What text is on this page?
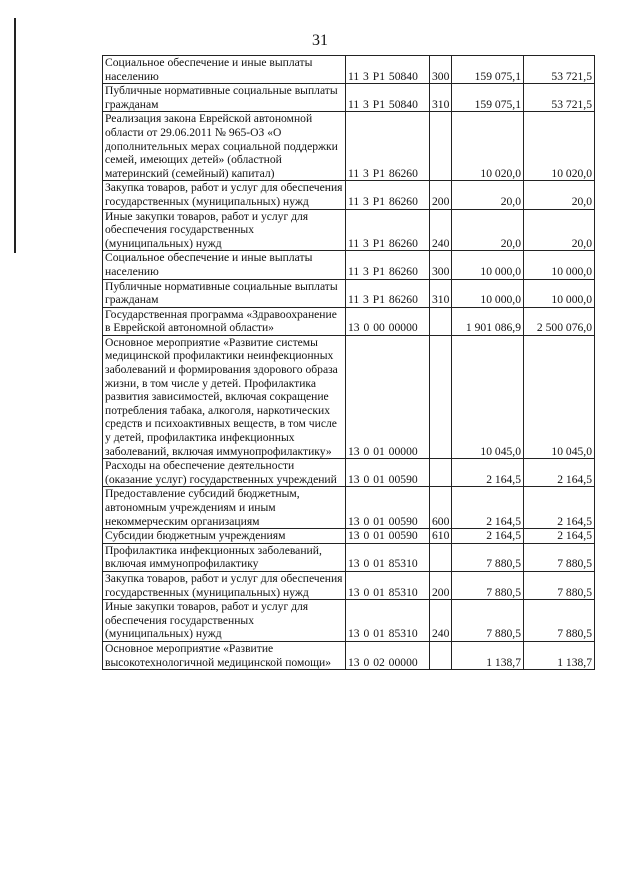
31
Социальное обеспечение и иные выплаты населению	11 3 Р1 50840	300	159 075,1	53 721,5
Публичные нормативные социальные выплаты гражданам	11 3 Р1 50840	310	159 075,1	53 721,5
Реализация закона Еврейской автономной области от 29.06.2011 № 965-ОЗ «О дополнительных мерах социальной поддержки семей, имеющих детей» (областной материнский (семейный) капитал)	11 3 Р1 86260		10 020,0	10 020,0
Закупка товаров, работ и услуг для обеспечения государственных (муниципальных) нужд	11 3 Р1 86260	200	20,0	20,0
Иные закупки товаров, работ и услуг для обеспечения государственных (муниципальных) нужд	11 3 Р1 86260	240	20,0	20,0
Социальное обеспечение и иные выплаты населению	11 3 Р1 86260	300	10 000,0	10 000,0
Публичные нормативные социальные выплаты гражданам	11 3 Р1 86260	310	10 000,0	10 000,0
Государственная программа «Здравоохранение в Еврейской автономной области»	13 0 00 00000		1 901 086,9	2 500 076,0
Основное мероприятие «Развитие системы медицинской профилактики неинфекционных заболеваний и формирования здорового образа жизни, в том числе у детей. Профилактика развития зависимостей, включая сокращение потребления табака, алкоголя, наркотических средств и психоактивных веществ, в том числе у детей, профилактика инфекционных заболеваний, включая иммунопрофилактику»	13 0 01 00000		10 045,0	10 045,0
Расходы на обеспечение деятельности (оказание услуг) государственных учреждений	13 0 01 00590		2 164,5	2 164,5
Предоставление субсидий бюджетным, автономным учреждениям и иным некоммерческим организациям	13 0 01 00590	600	2 164,5	2 164,5
Субсидии бюджетным учреждениям	13 0 01 00590	610	2 164,5	2 164,5
Профилактика инфекционных заболеваний, включая иммунопрофилактику	13 0 01 85310		7 880,5	7 880,5
Закупка товаров, работ и услуг для обеспечения государственных (муниципальных) нужд	13 0 01 85310	200	7 880,5	7 880,5
Иные закупки товаров, работ и услуг для обеспечения государственных (муниципальных) нужд	13 0 01 85310	240	7 880,5	7 880,5
Основное мероприятие «Развитие высокотехнологичной медицинской помощи»	13 0 02 00000		1 138,7	1 138,7
